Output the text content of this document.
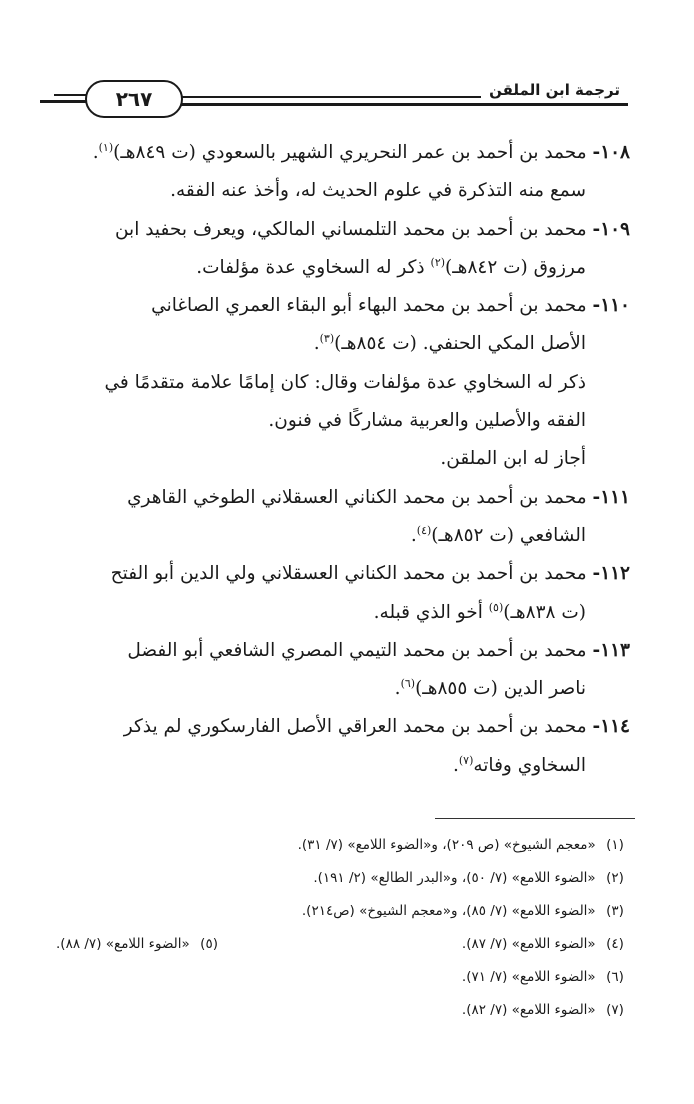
٢٦٧	ترجمة ابن الملقن
١٠٨- محمد بن أحمد بن عمر النحريري الشهير بالسعودي (ت ٨٤٩هـ)$^{(١)}$.
سمع منه التذكرة في علوم الحديث له، وأخذ عنه الفقه.
١٠٩- محمد بن أحمد بن محمد التلمساني المالكي، ويعرف بحفيد ابن
مرزوق (ت ٨٤٢هـ)$^{(٢)}$ ذكر له السخاوي عدة مؤلفات.
١١٠- محمد بن أحمد بن محمد البهاء أبو البقاء العمري الصاغاني
الأصل المكي الحنفي. (ت ٨٥٤هـ)$^{(٣)}$.
ذكر له السخاوي عدة مؤلفات وقال: كان إمامًا علامة متقدمًا في
الفقه والأصلين والعربية مشاركًا في فنون.
أجاز له ابن الملقن.
١١١- محمد بن أحمد بن محمد الكناني العسقلاني الطوخي القاهري
الشافعي (ت ٨٥٢هـ)$^{(٤)}$.
١١٢- محمد بن أحمد بن محمد الكناني العسقلاني ولي الدين أبو الفتح
(ت ٨٣٨هـ)$^{(٥)}$ أخو الذي قبله.
١١٣- محمد بن أحمد بن محمد التيمي المصري الشافعي أبو الفضل
ناصر الدين (ت ٨٥٥هـ)$^{(٦)}$.
١١٤- محمد بن أحمد بن محمد العراقي الأصل الفارسكوري لم يذكر
السخاوي وفاته$^{(٧)}$.
(١) «معجم الشيوخ» (ص ٢٠٩)، و«الضوء اللامع» (٧/ ٣١).
(٢) «الضوء اللامع» (٧/ ٥٠)، و«البدر الطالع» (٢/ ١٩١).
(٣) «الضوء اللامع» (٧/ ٨٥)، و«معجم الشيوخ» (ص٢١٤).
(٤) «الضوء اللامع» (٧/ ٨٧).
(٥) «الضوء اللامع» (٧/ ٨٨).
(٦) «الضوء اللامع» (٧/ ٧١).
(٧) «الضوء اللامع» (٧/ ٨٢).
